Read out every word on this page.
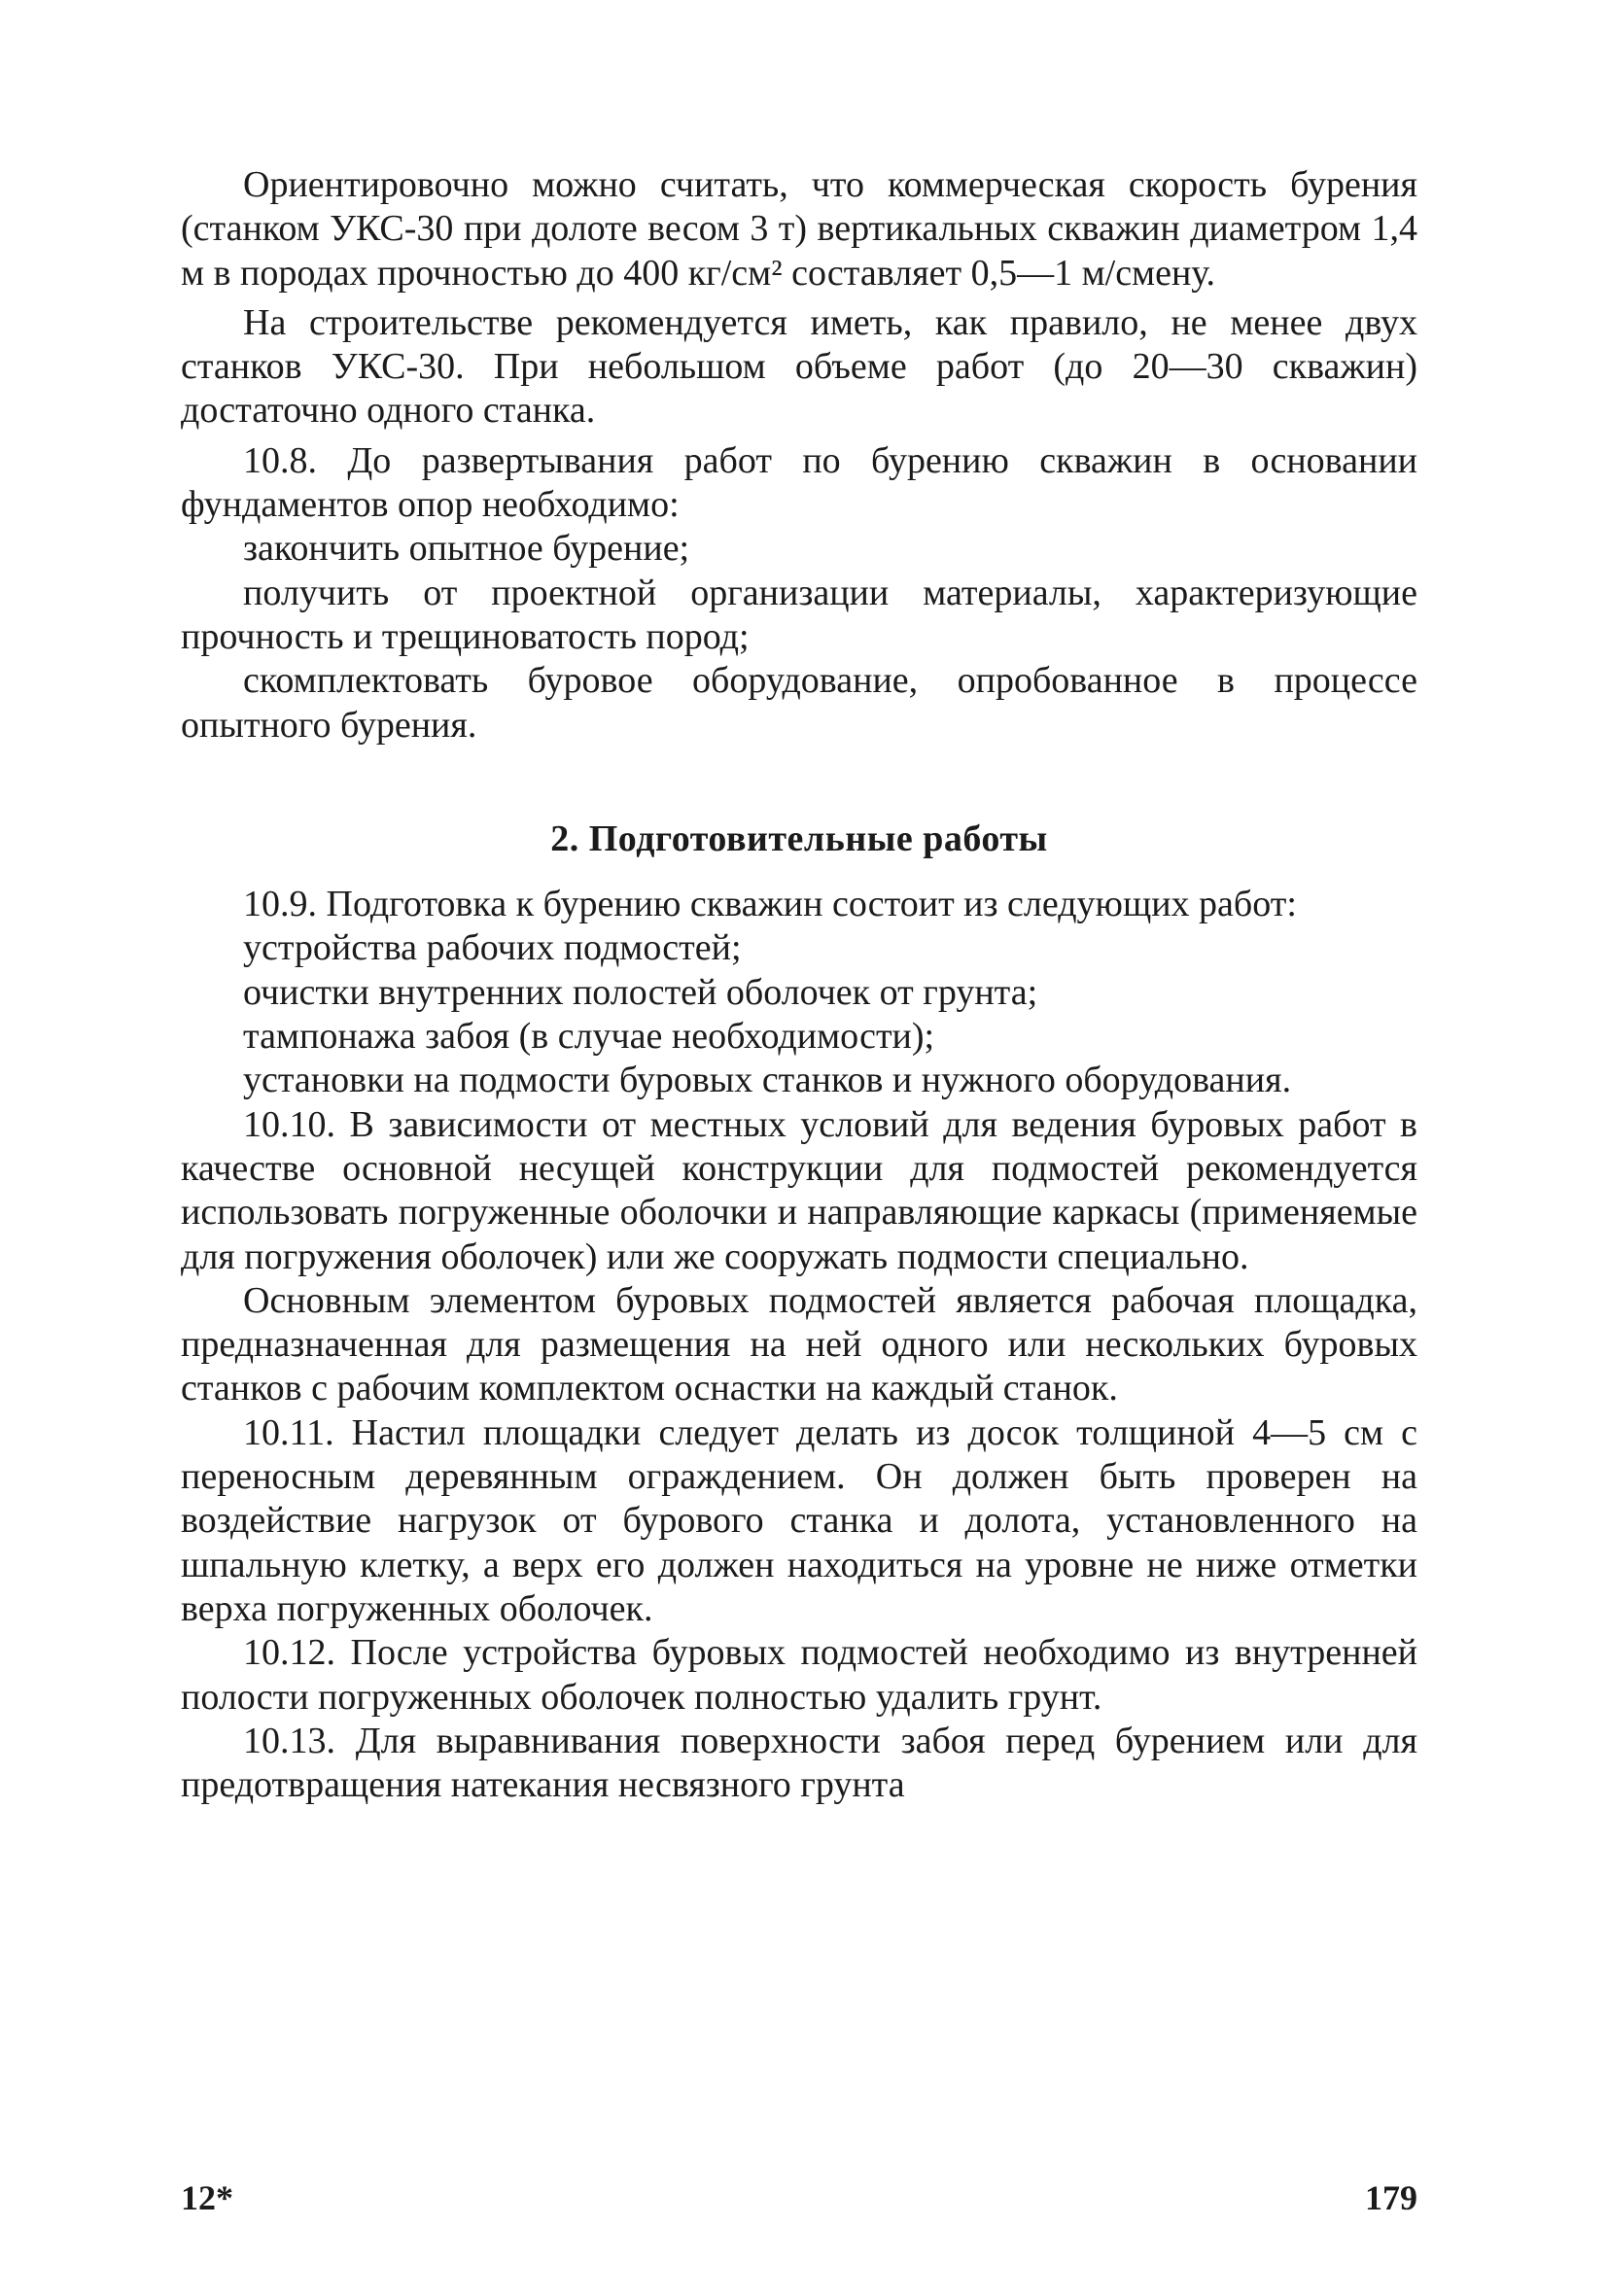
Ориентировочно можно считать, что коммерческая скорость бурения (станком УКС-30 при долоте весом 3 т) вертикальных скважин диаметром 1,4 м в породах прочностью до 400 кг/см² составляет 0,5—1 м/смену.

На строительстве рекомендуется иметь, как правило, не менее двух станков УКС-30. При небольшом объеме работ (до 20—30 скважин) достаточно одного станка.

10.8. До развертывания работ по бурению скважин в основании фундаментов опор необходимо:

закончить опытное бурение;

получить от проектной организации материалы, характеризующие прочность и трещиноватость пород;

скомплектовать буровое оборудование, опробованное в процессе опытного бурения.

2. Подготовительные работы

10.9. Подготовка к бурению скважин состоит из следующих работ:

устройства рабочих подмостей;

очистки внутренних полостей оболочек от грунта;

тампонажа забоя (в случае необходимости);

установки на подмости буровых станков и нужного оборудования.

10.10. В зависимости от местных условий для ведения буровых работ в качестве основной несущей конструкции для подмостей рекомендуется использовать погруженные оболочки и направляющие каркасы (применяемые для погружения оболочек) или же сооружать подмости специально.

Основным элементом буровых подмостей является рабочая площадка, предназначенная для размещения на ней одного или нескольких буровых станков с рабочим комплектом оснастки на каждый станок.

10.11. Настил площадки следует делать из досок толщиной 4—5 см с переносным деревянным ограждением. Он должен быть проверен на воздействие нагрузок от бурового станка и долота, установленного на шпальную клетку, а верх его должен находиться на уровне не ниже отметки верха погруженных оболочек.

10.12. После устройства буровых подмостей необходимо из внутренней полости погруженных оболочек полностью удалить грунт.

10.13. Для выравнивания поверхности забоя перед бурением или для предотвращения натекания несвязного грунта

12*	179
